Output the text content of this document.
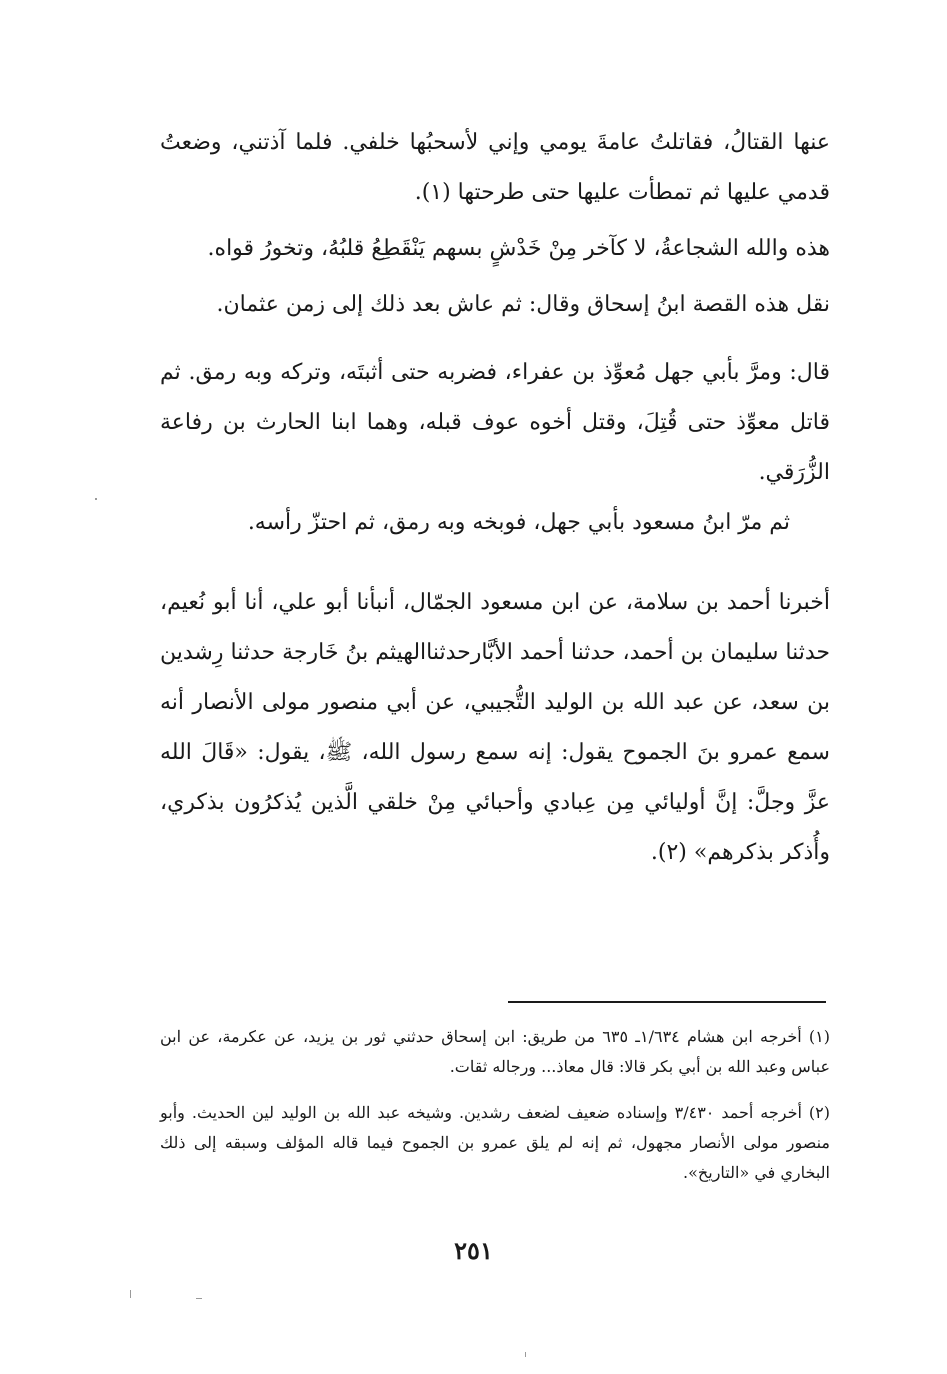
عنها القتالُ، فقاتلتُ عامةَ يومي وإني لأسحبُها خلفي. فلما آذتني، وضعتُ قدمي عليها ثم تمطأت عليها حتى طرحتها (١).

هذه والله الشجاعةُ، لا كآخر مِنْ خَدْشٍ بسهم يَنْقَطِعُ قلبُهُ، وتخورُ قواه.

نقل هذه القصة ابنُ إسحاق وقال: ثم عاش بعد ذلك إلى زمن عثمان.

قال: ومرَّ بأبي جهل مُعوِّذ بن عفراء، فضربه حتى أثبتَه، وتركه وبه رمق. ثم قاتل معوِّذ حتى قُتِلَ، وقتل أخوه عوف قبله، وهما ابنا الحارث بن رفاعة الزُّرَقي.

ثم مرّ ابنُ مسعود بأبي جهل، فوبخه وبه رمق، ثم احتزّ رأسه.

أخبرنا أحمد بن سلامة، عن ابن مسعود الجمّال، أنبأنا أبو علي، أنا أبو نُعيم، حدثنا سليمان بن أحمد، حدثنا أحمد الأبَّارحدثناالهيثم بنُ خَارجة حدثنا رِشدين بن سعد، عن عبد الله بن الوليد التُّجيبي، عن أبي منصور مولى الأنصار أنه سمع عمرو بنَ الجموح يقول: إنه سمع رسول الله، ﷺ، يقول: «قَالَ الله عزَّ وجلَّ: إنَّ أوليائي مِن عِبادي وأحبائي مِنْ خلقي الَّذين يُذكرُون بذكري، وأُذكر بذكرهم» (٢).

(١) أخرجه ابن هشام ١/٦٣٤ـ ٦٣٥ من طريق: ابن إسحاق حدثني ثور بن يزيد، عن عكرمة، عن ابن عباس وعبد الله بن أبي بكر قالا: قال معاذ... ورجاله ثقات.

(٢) أخرجه أحمد ٣/٤٣٠ وإسناده ضعيف لضعف رشدين. وشيخه عبد الله بن الوليد لين الحديث. وأبو منصور مولى الأنصار مجهول، ثم إنه لم يلق عمرو بن الجموح فيما قاله المؤلف وسبقه إلى ذلك البخاري في «التاريخ».

٢٥١
